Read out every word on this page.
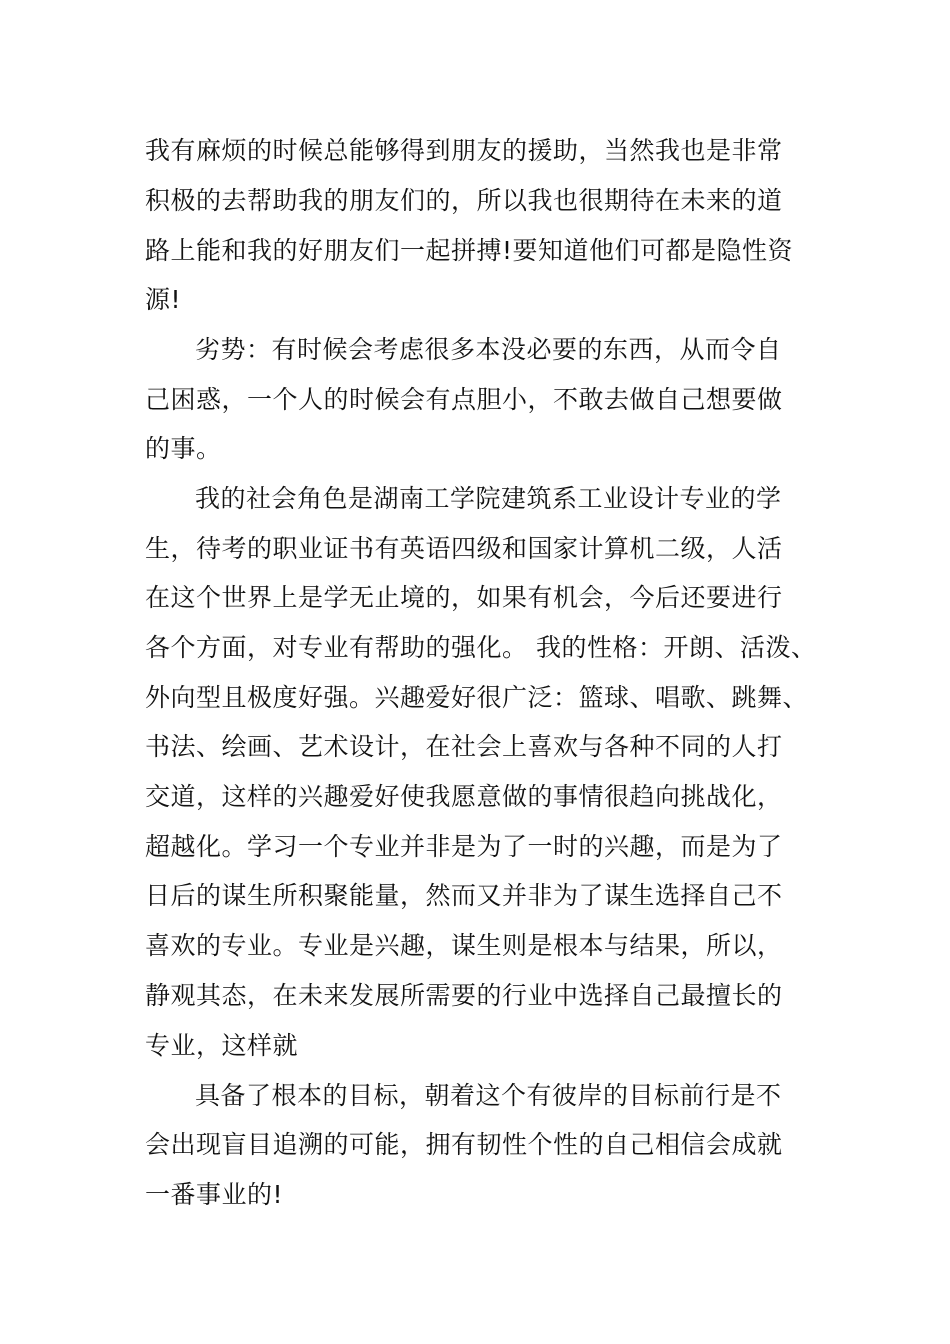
我有麻烦的时候总能够得到朋友的援助，当然我也是非常
积极的去帮助我的朋友们的，所以我也很期待在未来的道
路上能和我的好朋友们一起拼搏!要知道他们可都是隐性资
源!
劣势：有时候会考虑很多本没必要的东西，从而令自
己困惑，一个人的时候会有点胆小，不敢去做自己想要做
的事。
我的社会角色是湖南工学院建筑系工业设计专业的学
生，待考的职业证书有英语四级和国家计算机二级，人活
在这个世界上是学无止境的，如果有机会，今后还要进行
各个方面，对专业有帮助的强化。 我的性格：开朗、活泼、
外向型且极度好强。兴趣爱好很广泛：篮球、唱歌、跳舞、
书法、绘画、艺术设计，在社会上喜欢与各种不同的人打
交道，这样的兴趣爱好使我愿意做的事情很趋向挑战化，
超越化。学习一个专业并非是为了一时的兴趣，而是为了
日后的谋生所积聚能量，然而又并非为了谋生选择自己不
喜欢的专业。专业是兴趣，谋生则是根本与结果，所以，
静观其态，在未来发展所需要的行业中选择自己最擅长的
专业，这样就
具备了根本的目标，朝着这个有彼岸的目标前行是不
会出现盲目追溯的可能，拥有韧性个性的自己相信会成就
一番事业的!
